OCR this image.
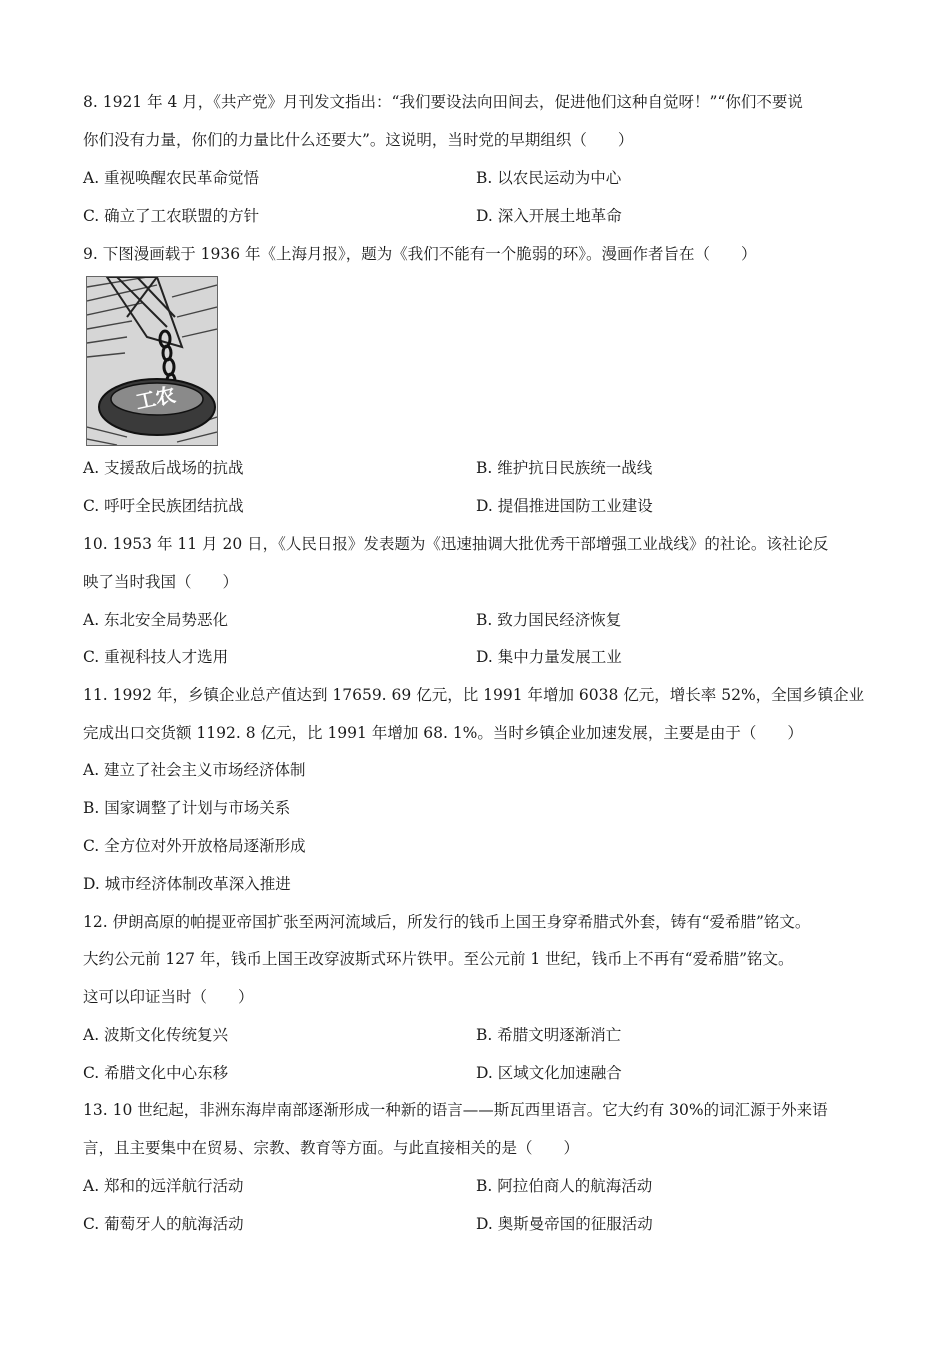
8. 1921 年 4 月，《共产党》月刊发文指出：“我们要设法向田间去，促进他们这种自觉呀！”“你们不要说
你们没有力量，你们的力量比什么还要大”。这说明，当时党的早期组织（　　）
A. 重视唤醒农民革命觉悟	B. 以农民运动为中心
C. 确立了工农联盟的方针	D. 深入开展土地革命
9. 下图漫画载于 1936 年《上海月报》，题为《我们不能有一个脆弱的环》。漫画作者旨在（　　）
工农
A. 支援敌后战场的抗战	B. 维护抗日民族统一战线
C. 呼吁全民族团结抗战	D. 提倡推进国防工业建设
10. 1953 年 11 月 20 日，《人民日报》发表题为《迅速抽调大批优秀干部增强工业战线》的社论。该社论反
映了当时我国（　　）
A. 东北安全局势恶化	B. 致力国民经济恢复
C. 重视科技人才选用	D. 集中力量发展工业
11. 1992 年，乡镇企业总产值达到 17659. 69 亿元，比 1991 年增加 6038 亿元，增长率 52%，全国乡镇企业
完成出口交货额 1192. 8 亿元，比 1991 年增加 68. 1%。当时乡镇企业加速发展，主要是由于（　　）
A. 建立了社会主义市场经济体制
B. 国家调整了计划与市场关系
C. 全方位对外开放格局逐渐形成
D. 城市经济体制改革深入推进
12. 伊朗高原的帕提亚帝国扩张至两河流域后，所发行的钱币上国王身穿希腊式外套，铸有“爱希腊”铭文。
大约公元前 127 年，钱币上国王改穿波斯式环片铁甲。至公元前 1 世纪，钱币上不再有“爱希腊”铭文。
这可以印证当时（　　）
A. 波斯文化传统复兴	B. 希腊文明逐渐消亡
C. 希腊文化中心东移	D. 区域文化加速融合
13. 10 世纪起，非洲东海岸南部逐渐形成一种新的语言——斯瓦西里语言。它大约有 30%的词汇源于外来语
言，且主要集中在贸易、宗教、教育等方面。与此直接相关的是（　　）
A. 郑和的远洋航行活动	B. 阿拉伯商人的航海活动
C. 葡萄牙人的航海活动	D. 奥斯曼帝国的征服活动
